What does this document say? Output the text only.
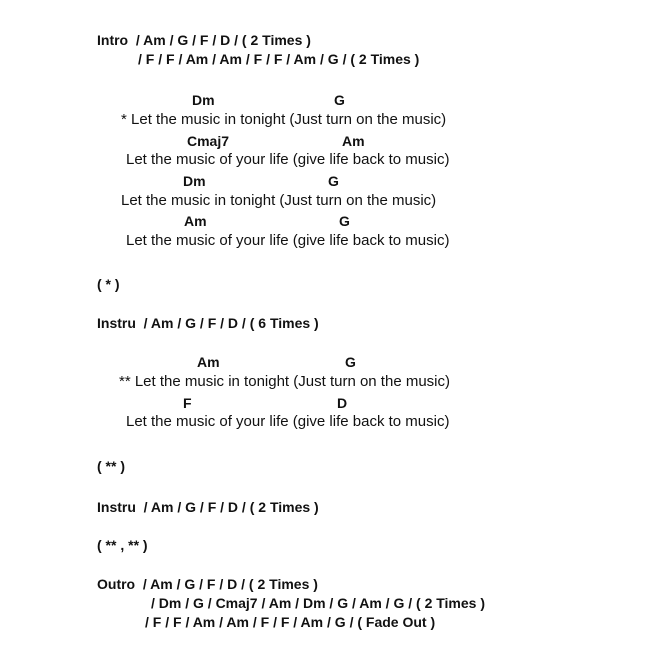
Intro  / Am / G / F / D / ( 2 Times )
/ F / F / Am / Am / F / F / Am / G / ( 2 Times )
Dm	G
* Let the music in tonight (Just turn on the music)
Cmaj7	Am
Let the music of your life (give life back to music)
Dm	G
Let the music in tonight (Just turn on the music)
Am	G
Let the music of your life (give life back to music)
( * )
Instru  / Am / G / F / D / ( 6 Times )
Am	G
** Let the music in tonight (Just turn on the music)
F	D
Let the music of your life (give life back to music)
( ** )
Instru  / Am / G / F / D / ( 2 Times )
( ** , ** )
Outro  / Am / G / F / D / ( 2 Times )
/ Dm / G / Cmaj7 / Am / Dm / G / Am / G / ( 2 Times )
/ F / F / Am / Am / F / F / Am / G / ( Fade Out )
